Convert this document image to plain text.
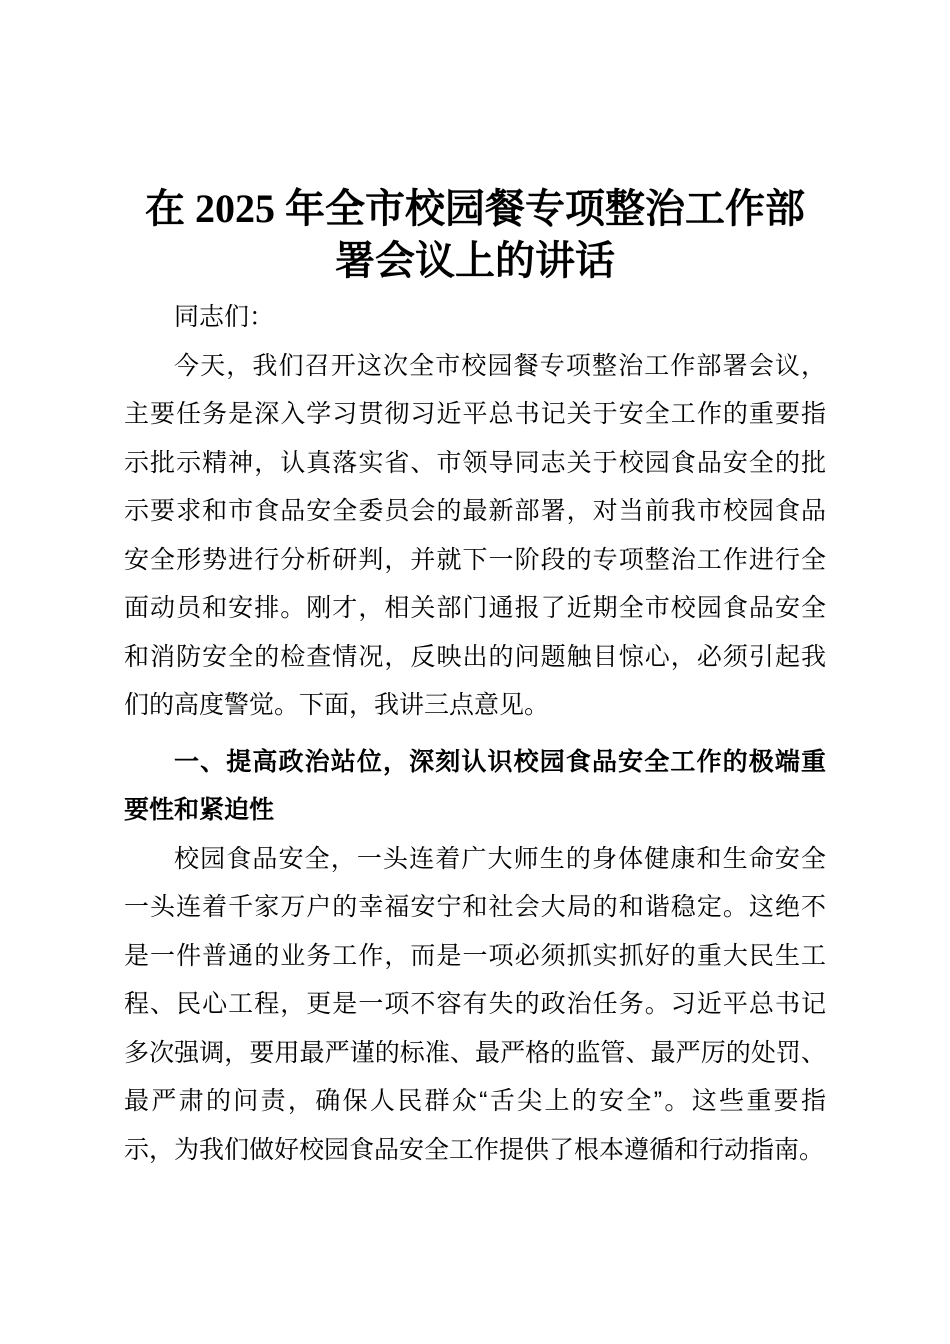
在 2025 年全市校园餐专项整治工作部
署会议上的讲话
同志们：
今天，我们召开这次全市校园餐专项整治工作部署会议，
主要任务是深入学习贯彻习近平总书记关于安全工作的重要指
示批示精神，认真落实省、市领导同志关于校园食品安全的批
示要求和市食品安全委员会的最新部署，对当前我市校园食品
安全形势进行分析研判，并就下一阶段的专项整治工作进行全
面动员和安排。刚才，相关部门通报了近期全市校园食品安全
和消防安全的检查情况，反映出的问题触目惊心，必须引起我
们的高度警觉。下面，我讲三点意见。
一、提高政治站位，深刻认识校园食品安全工作的极端重
要性和紧迫性
校园食品安全，一头连着广大师生的身体健康和生命安全
一头连着千家万户的幸福安宁和社会大局的和谐稳定。这绝不
是一件普通的业务工作，而是一项必须抓实抓好的重大民生工
程、民心工程，更是一项不容有失的政治任务。习近平总书记
多次强调，要用最严谨的标准、最严格的监管、最严厉的处罚、
最严肃的问责，确保人民群众“舌尖上的安全”。这些重要指
示，为我们做好校园食品安全工作提供了根本遵循和行动指南。
